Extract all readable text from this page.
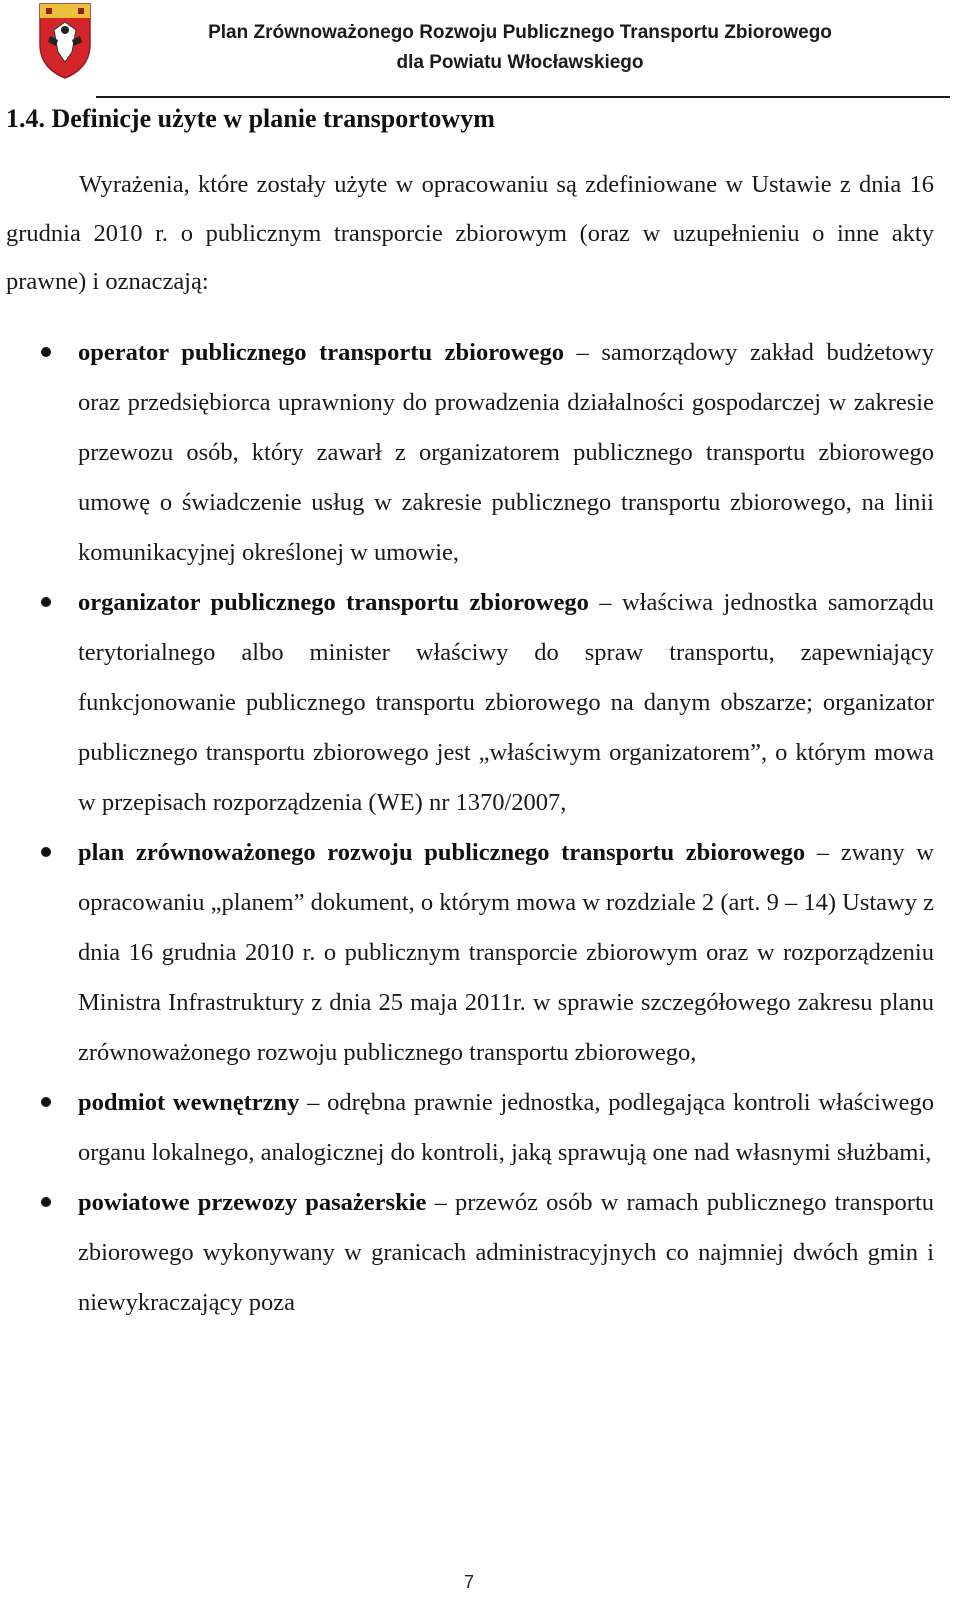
Plan Zrównoważonego Rozwoju Publicznego Transportu Zbiorowego
dla Powiatu Włocławskiego
1.4. Definicje użyte w planie transportowym

Wyrażenia, które zostały użyte w opracowaniu są zdefiniowane w Ustawie z dnia 16 grudnia 2010 r. o publicznym transporcie zbiorowym (oraz w uzupełnieniu o inne akty prawne) i oznaczają:

operator publicznego transportu zbiorowego – samorządowy zakład budżetowy oraz przedsiębiorca uprawniony do prowadzenia działalności gospodarczej w zakresie przewozu osób, który zawarł z organizatorem publicznego transportu zbiorowego umowę o świadczenie usług w zakresie publicznego transportu zbiorowego, na linii komunikacyjnej określonej w umowie,

organizator publicznego transportu zbiorowego – właściwa jednostka samorządu terytorialnego albo minister właściwy do spraw transportu, zapewniający funkcjonowanie publicznego transportu zbiorowego na danym obszarze; organizator publicznego transportu zbiorowego jest „właściwym organizatorem”, o którym mowa w przepisach rozporządzenia (WE) nr 1370/2007,

plan zrównoważonego rozwoju publicznego transportu zbiorowego – zwany w opracowaniu „planem” dokument, o którym mowa w rozdziale 2 (art. 9 – 14) Ustawy z dnia 16 grudnia 2010 r. o publicznym transporcie zbiorowym oraz w rozporządzeniu Ministra Infrastruktury z dnia 25 maja 2011r. w sprawie szczegółowego zakresu planu zrównoważonego rozwoju publicznego transportu zbiorowego,

podmiot wewnętrzny – odrębna prawnie jednostka, podlegająca kontroli właściwego organu lokalnego, analogicznej do kontroli, jaką sprawują one nad własnymi służbami,

powiatowe przewozy pasażerskie – przewóz osób w ramach publicznego transportu zbiorowego wykonywany w granicach administracyjnych co najmniej dwóch gmin i niewykraczający poza

7
